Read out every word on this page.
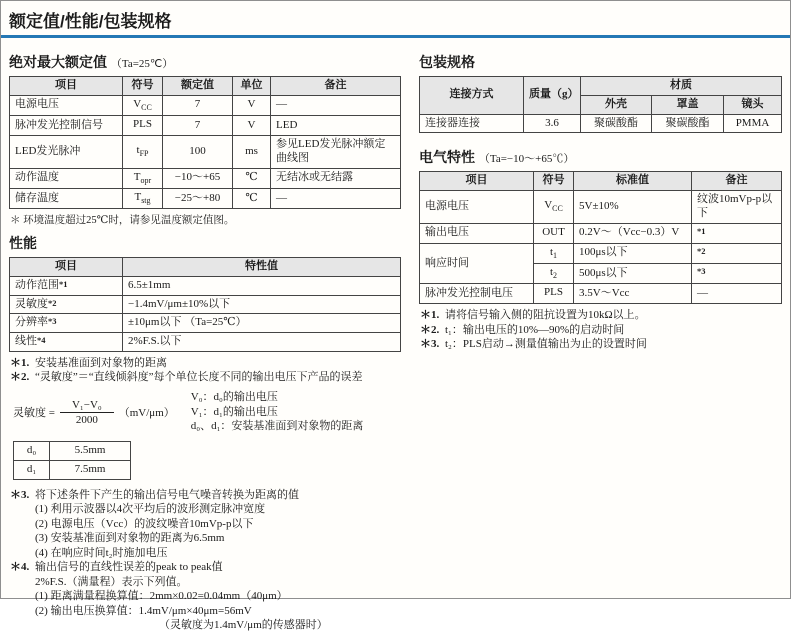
额定值/性能/包装规格
绝对最大额定值 （Ta=25℃）
项目	符号	额定值	单位	备注
电源电压	$V_{CC}$	7	V	—
脉冲发光控制信号	PLS	7	V	LED
LED发光脉冲	$t_{FP}$	100	ms	参见LED发光脉冲额定曲线图
动作温度	$T_{opr}$	−10～+65	℃	无结冰或无结露
储存温度	$T_{stg}$	−25～+80	℃	—
＊ 环境温度超过25℃时，请参见温度额定值图。
性能
项目	特性值
动作范围$^{*1}$	6.5±1mm
灵敏度$^{*2}$	−1.4mV/μm±10%以下
分辨率$^{*3}$	±10μm以下 （Ta=25℃）
线性$^{*4}$	2%F.S.以下
＊1. 安装基准面到对象物的距离
＊2. “灵敏度”＝“直线倾斜度”每个单位长度不同的输出电压下产品的误差
灵敏度 = $\frac{\text{V₁−V₀}}{2000} (mV/\mu m)$
V₀：d₀的输出电压
V₁：d₁的输出电压
d₀、d₁：安装基准面到对象物的距离
d₀	5.5mm
d₁	7.5mm
＊3. 将下述条件下产生的输出信号电气噪音转换为距离的值
(1) 利用示波器以4次平均后的波形测定脉冲宽度
(2) 电源电压（Vcc）的波纹噪音10mVp-p以下
(3) 安装基准面到对象物的距离为6.5mm
(4) 在响应时间t₂时施加电压
＊4. 输出信号的直线性误差的peak to peak值
2%F.S.（满量程）表示下列值。
(1) 距离满量程换算值：2mm×0.02=0.04mm（40μm）
(2) 输出电压换算值：1.4mV/μm×40μm=56mV
（灵敏度为1.4mV/μm的传感器时）
包装规格
连接方式	质量（g）	材质		
		外壳	罩盖	镜头
连接器连接	3.6	聚碳酸酯	聚碳酸酯	PMMA
电气特性 （Ta=−10～+65℃）
项目	符号	标准值	备注
电源电压	$V_{CC}$	5V±10%	纹波10mVp-p以下
输出电压	OUT	0.2V～（Vcc−0.3）V	*1
响应时间	$t_1$	100μs以下	*2
	$t_2$	500μs以下	*3
脉冲发光控制电压	PLS	3.5V～Vcc	—
＊1. 请将信号输入侧的阻抗设置为10kΩ以上。
＊2. t₁：输出电压的10%—90%的启动时间
＊3. t₂：PLS启动→测量值输出为止的设置时间
